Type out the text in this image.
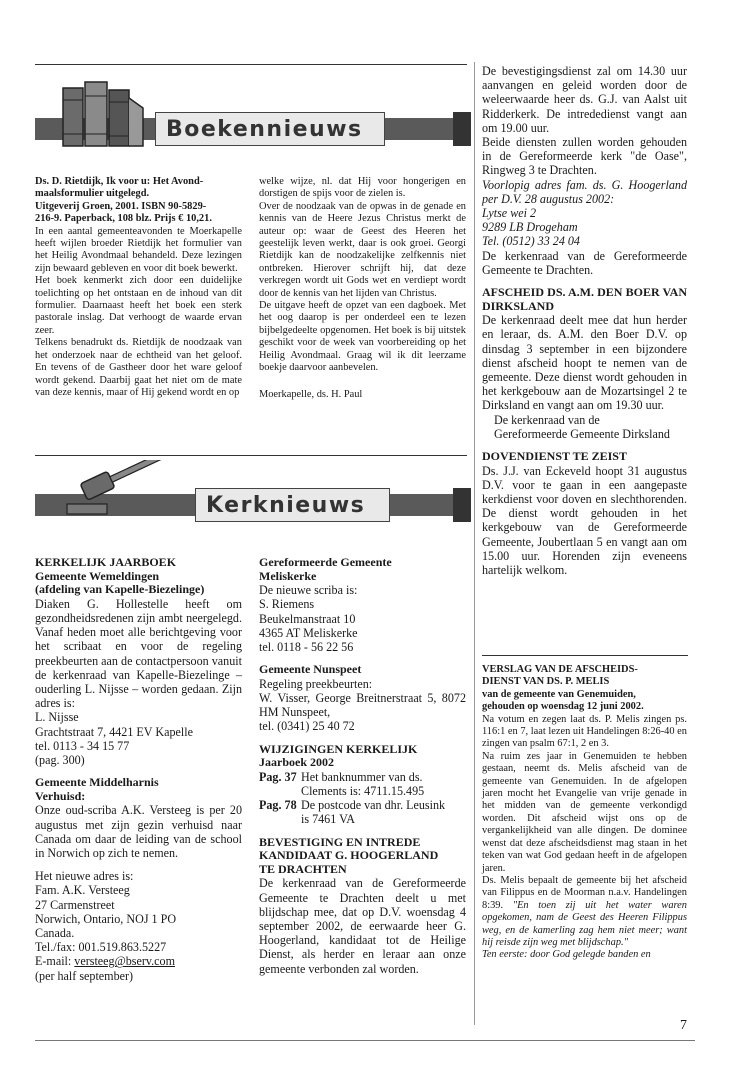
Boekennieuws

Ds. D. Rietdijk, Ik voor u: Het Avond-

maalsformulier uitgelegd.

Uitgeverij Groen, 2001. ISBN 90-5829-

216-9. Paperback, 108 blz. Prijs € 10,21.

In een aantal gemeenteavonden te Moerkapelle heeft wijlen broeder Rietdijk het formulier van het Heilig Avondmaal behandeld. Deze lezingen zijn bewaard gebleven en voor dit boek bewerkt.

Het boek kenmerkt zich door een duidelijke toelichting op het ontstaan en de inhoud van dit formulier. Daarnaast heeft het boek een sterk pastorale inslag. Dat verhoogt de waarde ervan zeer.

Telkens benadrukt ds. Rietdijk de noodzaak van het onderzoek naar de echtheid van het geloof. En tevens of de Gastheer door het ware geloof wordt gekend. Daarbij gaat het niet om de mate van deze kennis, maar of Hij gekend wordt en op

welke wijze, nl. dat Hij voor hongerigen en dorstigen de spijs voor de zielen is.

Over de noodzaak van de opwas in de genade en kennis van de Heere Jezus Christus merkt de auteur op: waar de Geest des Heeren het geestelijk leven werkt, daar is ook groei. Georgi Rietdijk kan de noodzakelijke zelfkennis niet ontbreken. Hierover schrijft hij, dat deze verkregen wordt uit Gods wet en verdiept wordt door de kennis van het lijden van Christus.

De uitgave heeft de opzet van een dagboek. Met het oog daarop is per onderdeel een te lezen bijbelgedeelte opgenomen. Het boek is bij uitstek geschikt voor de week van voorbereiding op het Heilig Avondmaal. Graag wil ik dit leerzame boekje daarvoor aanbevelen.

Moerkapelle, ds. H. Paul

Kerknieuws

KERKELIJK JAARBOEK

Gemeente Wemeldingen

(afdeling van Kapelle-Biezelinge)

Diaken G. Hollestelle heeft om gezondheidsredenen zijn ambt neergelegd. Vanaf heden moet alle berichtgeving voor het scribaat en voor de regeling preekbeurten aan de contactpersoon vanuit de kerkenraad van Kapelle-Biezelinge – ouderling L. Nijsse – worden gedaan. Zijn adres is:

L. Nijsse

Grachtstraat 7, 4421 EV Kapelle

tel. 0113 - 34 15 77

(pag. 300)

Gemeente Middelharnis

Verhuisd:

Onze oud-scriba A.K. Versteeg is per 20 augustus met zijn gezin verhuisd naar Canada om daar de leiding van de school in Norwich op zich te nemen.

Het nieuwe adres is:

Fam. A.K. Versteeg

27 Carmenstreet

Norwich, Ontario, NOJ 1 PO

Canada.

Tel./fax: 001.519.863.5227

E-mail: versteeg@bserv.com

(per half september)

Gereformeerde Gemeente

Meliskerke

De nieuwe scriba is:

S. Riemens

Beukelmanstraat 10

4365 AT Meliskerke

tel. 0118 - 56 22 56

Gemeente Nunspeet

Regeling preekbeurten:

W. Visser, George Breitnerstraat 5, 8072 HM Nunspeet,

tel. (0341) 25 40 72

WIJZIGINGEN KERKELIJK

Jaarboek 2002

Pag. 37 Het banknummer van ds.
Clements is: 4711.15.495
Pag. 78 De postcode van dhr. Leusink
is 7461 VA

BEVESTIGING EN INTREDE

KANDIDAAT G. HOOGERLAND

TE DRACHTEN

De kerkenraad van de Gereformeerde Gemeente te Drachten deelt u met blijdschap mee, dat op D.V. woensdag 4 september 2002, de eerwaarde heer G. Hoogerland, kandidaat tot de Heilige Dienst, als herder en leraar aan onze gemeente verbonden zal worden.

De bevestigingsdienst zal om 14.30 uur aanvangen en geleid worden door de weleerwaarde heer ds. G.J. van Aalst uit Ridderkerk. De intrededienst vangt aan om 19.00 uur.

Beide diensten zullen worden gehouden in de Gereformeerde kerk "de Oase", Ringweg 3 te Drachten.

Voorlopig adres fam. ds. G. Hoogerland per D.V. 28 augustus 2002:

Lytse wei 2

9289 LB Drogeham

Tel. (0512) 33 24 04

De kerkenraad van de Gereformeerde Gemeente te Drachten.

AFSCHEID DS. A.M. DEN BOER VAN DIRKSLAND

De kerkenraad deelt mee dat hun herder en leraar, ds. A.M. den Boer D.V. op dinsdag 3 september in een bijzondere dienst afscheid hoopt te nemen van de gemeente. Deze dienst wordt gehouden in het kerkgebouw aan de Mozartsingel 2 te Dirksland en vangt aan om 19.30 uur.

De kerkenraad van de

Gereformeerde Gemeente Dirksland

DOVENDIENST TE ZEIST

Ds. J.J. van Eckeveld hoopt 31 augustus D.V. voor te gaan in een aangepaste kerkdienst voor doven en slechthorenden. De dienst wordt gehouden in het kerkgebouw van de Gereformeerde Gemeente, Joubertlaan 5 en vangt aan om 15.00 uur. Horenden zijn eveneens hartelijk welkom.

VERSLAG VAN DE AFSCHEIDS-

DIENST VAN DS. P. MELIS

van de gemeente van Genemuiden,

gehouden op woensdag 12 juni 2002.

Na votum en zegen laat ds. P. Melis zingen ps. 116:1 en 7, laat lezen uit Handelingen 8:26-40 en zingen van psalm 67:1, 2 en 3.

Na ruim zes jaar in Genemuiden te hebben gestaan, neemt ds. Melis afscheid van de gemeente van Genemuiden. In de afgelopen jaren mocht het Evangelie van vrije genade in het midden van de gemeente verkondigd worden. Dit afscheid wijst ons op de vergankelijkheid van alle dingen. De dominee wenst dat deze afscheidsdienst mag staan in het teken van wat God gedaan heeft in de afgelopen jaren.

Ds. Melis bepaalt de gemeente bij het afscheid van Filippus en de Moorman n.a.v. Handelingen 8:39. "En toen zij uit het water waren opgekomen, nam de Geest des Heeren Filippus weg, en de kamerling zag hem niet meer; want hij reisde zijn weg met blijdschap."

Ten eerste: door God gelegde banden en

7
